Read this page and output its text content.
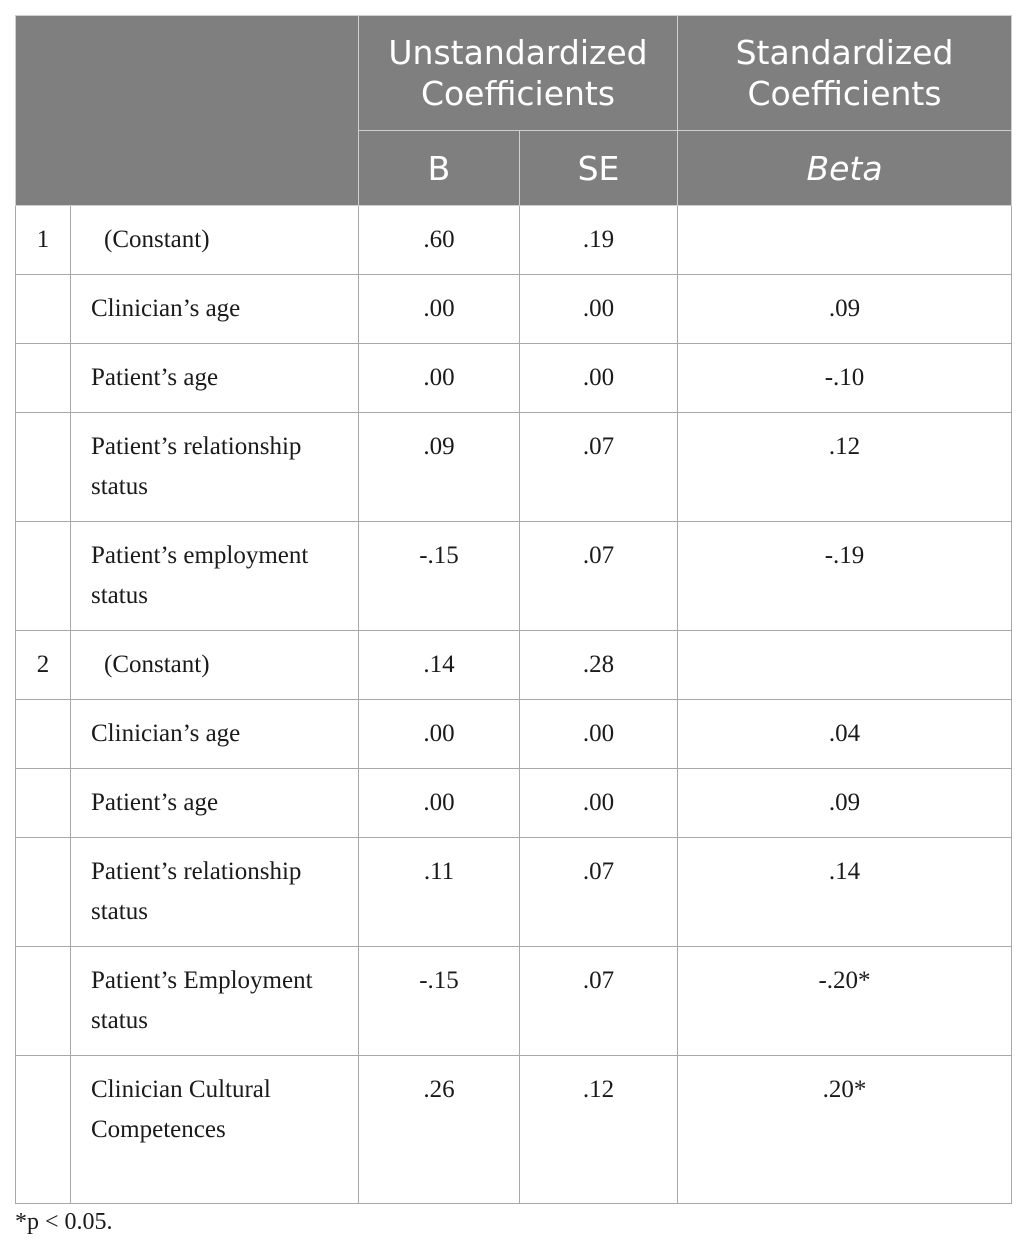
		Unstandardized Coefficients		Standardized Coefficients
		B	SE	Beta
1	(Constant)	.60	.19	
	Clinician’s age	.00	.00	.09
	Patient’s age	.00	.00	-.10
	Patient’s relationship status	.09	.07	.12
	Patient’s employment status	-.15	.07	-.19
2	(Constant)	.14	.28	
	Clinician’s age	.00	.00	.04
	Patient’s age	.00	.00	.09
	Patient’s relationship status	.11	.07	.14
	Patient’s Employment status	-.15	.07	-.20*
	Clinician Cultural Competences	.26	.12	.20*
*p < 0.05.
